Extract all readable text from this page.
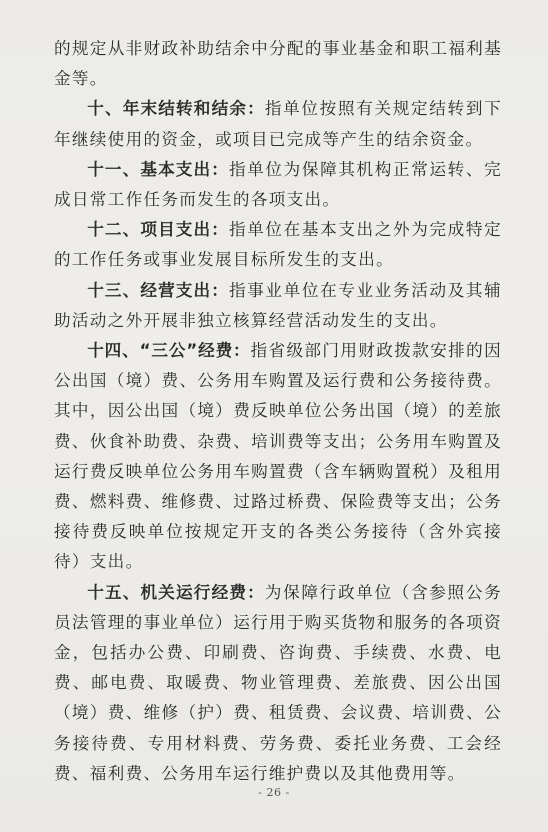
的规定从非财政补助结余中分配的事业基金和职工福利基金等。

十、年末结转和结余：指单位按照有关规定结转到下年继续使用的资金，或项目已完成等产生的结余资金。

十一、基本支出：指单位为保障其机构正常运转、完成日常工作任务而发生的各项支出。

十二、项目支出：指单位在基本支出之外为完成特定的工作任务或事业发展目标所发生的支出。

十三、经营支出：指事业单位在专业业务活动及其辅助活动之外开展非独立核算经营活动发生的支出。

十四、“三公”经费：指省级部门用财政拨款安排的因公出国（境）费、公务用车购置及运行费和公务接待费。其中，因公出国（境）费反映单位公务出国（境）的差旅费、伙食补助费、杂费、培训费等支出；公务用车购置及运行费反映单位公务用车购置费（含车辆购置税）及租用费、燃料费、维修费、过路过桥费、保险费等支出；公务接待费反映单位按规定开支的各类公务接待（含外宾接待）支出。

十五、机关运行经费：为保障行政单位（含参照公务员法管理的事业单位）运行用于购买货物和服务的各项资金，包括办公费、印刷费、咨询费、手续费、水费、电费、邮电费、取暖费、物业管理费、差旅费、因公出国（境）费、维修（护）费、租赁费、会议费、培训费、公务接待费、专用材料费、劳务费、委托业务费、工会经费、福利费、公务用车运行维护费以及其他费用等。

- 26 -
